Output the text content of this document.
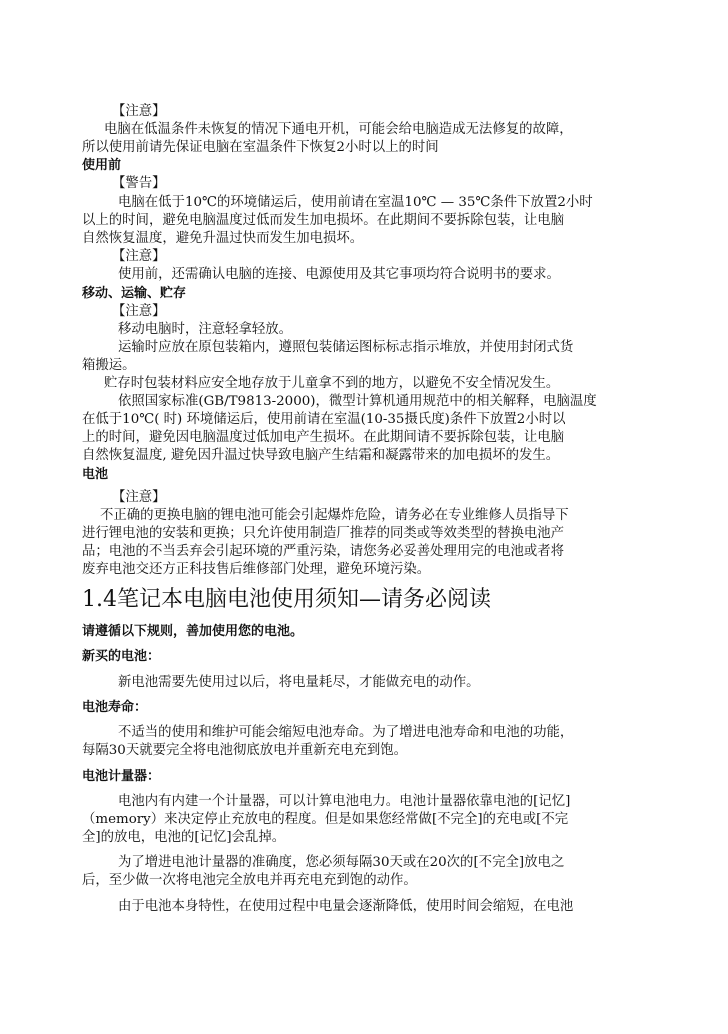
【注意】
电脑在低温条件未恢复的情况下通电开机，可能会给电脑造成无法修复的故障，
所以使用前请先保证电脑在室温条件下恢复2小时以上的时间
使用前
【警告】
电脑在低于10℃的环境储运后，使用前请在室温10℃ — 35℃条件下放置2小时
以上的时间，避免电脑温度过低而发生加电损坏。在此期间不要拆除包装，让电脑
自然恢复温度，避免升温过快而发生加电损坏。
【注意】
使用前，还需确认电脑的连接、电源使用及其它事项均符合说明书的要求。
移动、运输、贮存
【注意】
移动电脑时，注意轻拿轻放。
运输时应放在原包装箱内，遵照包装储运图标标志指示堆放，并使用封闭式货
箱搬运。
贮存时包装材料应安全地存放于儿童拿不到的地方，以避免不安全情况发生。
依照国家标准(GB/T9813-2000)，微型计算机通用规范中的相关解释，电脑温度
在低于10℃( 时) 环境储运后，使用前请在室温(10-35摄氏度)条件下放置2小时以
上的时间，避免因电脑温度过低加电产生损坏。在此期间请不要拆除包装，让电脑
自然恢复温度, 避免因升温过快导致电脑产生结霜和凝露带来的加电损坏的发生。
电池
【注意】
不正确的更换电脑的锂电池可能会引起爆炸危险，请务必在专业维修人员指导下
进行锂电池的安装和更换；只允许使用制造厂推荐的同类或等效类型的替换电池产
品；电池的不当丢弃会引起环境的严重污染，请您务必妥善处理用完的电池或者将
废弃电池交还方正科技售后维修部门处理，避免环境污染。
1.4笔记本电脑电池使用须知—请务必阅读
请遵循以下规则，善加使用您的电池。
新买的电池：
新电池需要先使用过以后，将电量耗尽，才能做充电的动作。
电池寿命：
不适当的使用和维护可能会缩短电池寿命。为了增进电池寿命和电池的功能，
每隔30天就要完全将电池彻底放电并重新充电充到饱。
电池计量器：
电池内有内建一个计量器，可以计算电池电力。电池计量器依靠电池的[记忆]
（memory）来决定停止充放电的程度。但是如果您经常做[不完全]的充电或[不完
全]的放电，电池的[记忆]会乱掉。
为了增进电池计量器的准确度，您必须每隔30天或在20次的[不完全]放电之
后，至少做一次将电池完全放电并再充电充到饱的动作。
由于电池本身特性，在使用过程中电量会逐渐降低，使用时间会缩短，在电池
